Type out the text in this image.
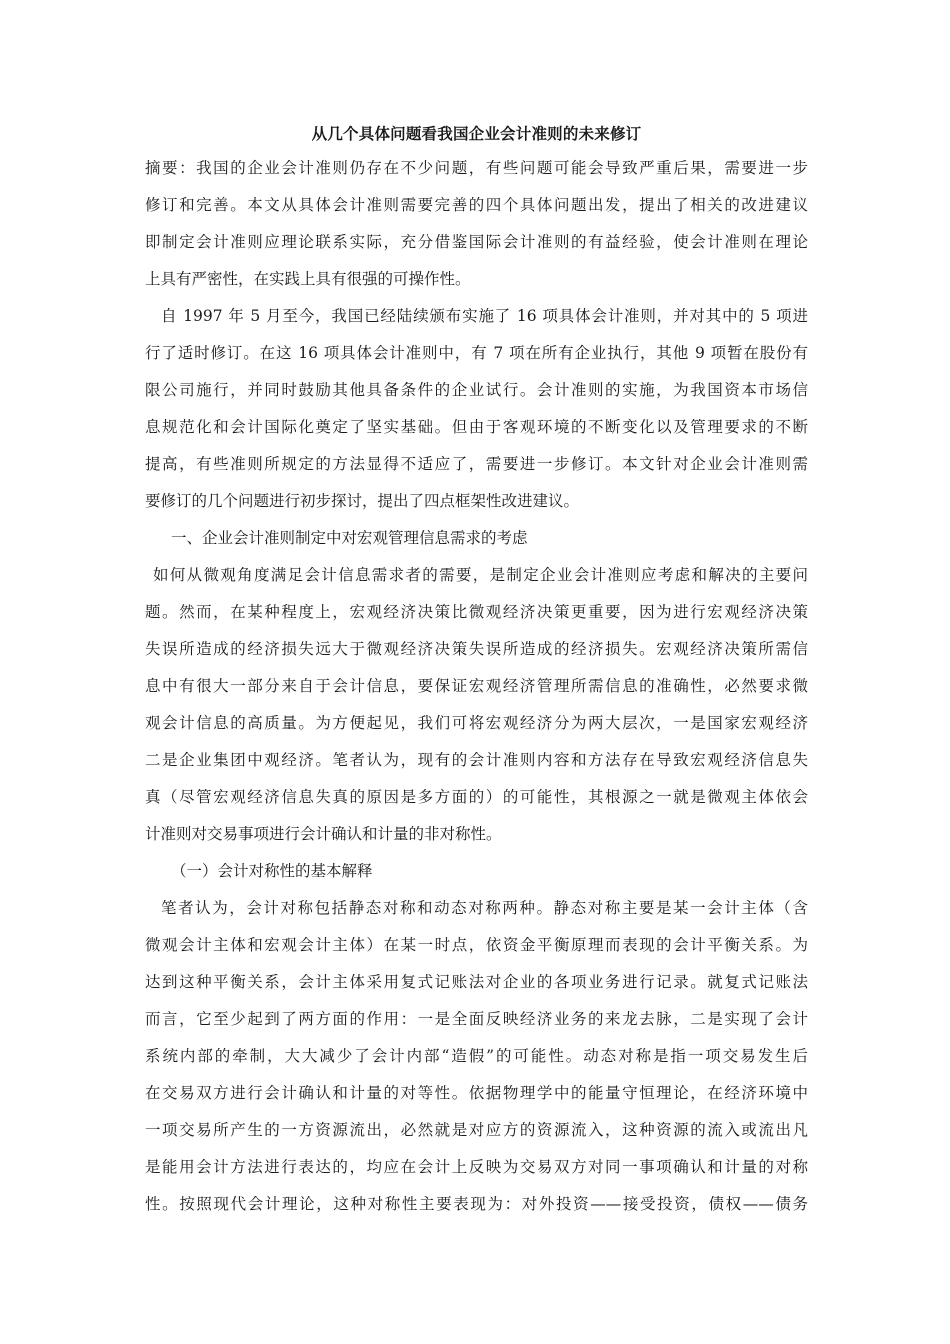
从几个具体问题看我国企业会计准则的未来修订
摘要：我国的企业会计准则仍存在不少问题，有些问题可能会导致严重后果，需要进一步
修订和完善。本文从具体会计准则需要完善的四个具体问题出发，提出了相关的改进建议
即制定会计准则应理论联系实际，充分借鉴国际会计准则的有益经验，使会计准则在理论
上具有严密性，在实践上具有很强的可操作性。
自 1997 年 5 月至今，我国已经陆续颁布实施了 16 项具体会计准则，并对其中的 5 项进
行了适时修订。在这 16 项具体会计准则中，有 7 项在所有企业执行，其他 9 项暂在股份有
限公司施行，并同时鼓励其他具备条件的企业试行。会计准则的实施，为我国资本市场信
息规范化和会计国际化奠定了坚实基础。但由于客观环境的不断变化以及管理要求的不断
提高，有些准则所规定的方法显得不适应了，需要进一步修订。本文针对企业会计准则需
要修订的几个问题进行初步探讨，提出了四点框架性改进建议。
一、企业会计准则制定中对宏观管理信息需求的考虑
如何从微观角度满足会计信息需求者的需要，是制定企业会计准则应考虑和解决的主要问
题。然而，在某种程度上，宏观经济决策比微观经济决策更重要，因为进行宏观经济决策
失误所造成的经济损失远大于微观经济决策失误所造成的经济损失。宏观经济决策所需信
息中有很大一部分来自于会计信息，要保证宏观经济管理所需信息的准确性，必然要求微
观会计信息的高质量。为方便起见，我们可将宏观经济分为两大层次，一是国家宏观经济
二是企业集团中观经济。笔者认为，现有的会计准则内容和方法存在导致宏观经济信息失
真（尽管宏观经济信息失真的原因是多方面的）的可能性，其根源之一就是微观主体依会
计准则对交易事项进行会计确认和计量的非对称性。
（一）会计对称性的基本解释
笔者认为，会计对称包括静态对称和动态对称两种。静态对称主要是某一会计主体（含
微观会计主体和宏观会计主体）在某一时点，依资金平衡原理而表现的会计平衡关系。为
达到这种平衡关系，会计主体采用复式记账法对企业的各项业务进行记录。就复式记账法
而言，它至少起到了两方面的作用：一是全面反映经济业务的来龙去脉，二是实现了会计
系统内部的牵制，大大减少了会计内部“造假”的可能性。动态对称是指一项交易发生后
在交易双方进行会计确认和计量的对等性。依据物理学中的能量守恒理论，在经济环境中
一项交易所产生的一方资源流出，必然就是对应方的资源流入，这种资源的流入或流出凡
是能用会计方法进行表达的，均应在会计上反映为交易双方对同一事项确认和计量的对称
性。按照现代会计理论，这种对称性主要表现为：对外投资——接受投资，债权——债务
